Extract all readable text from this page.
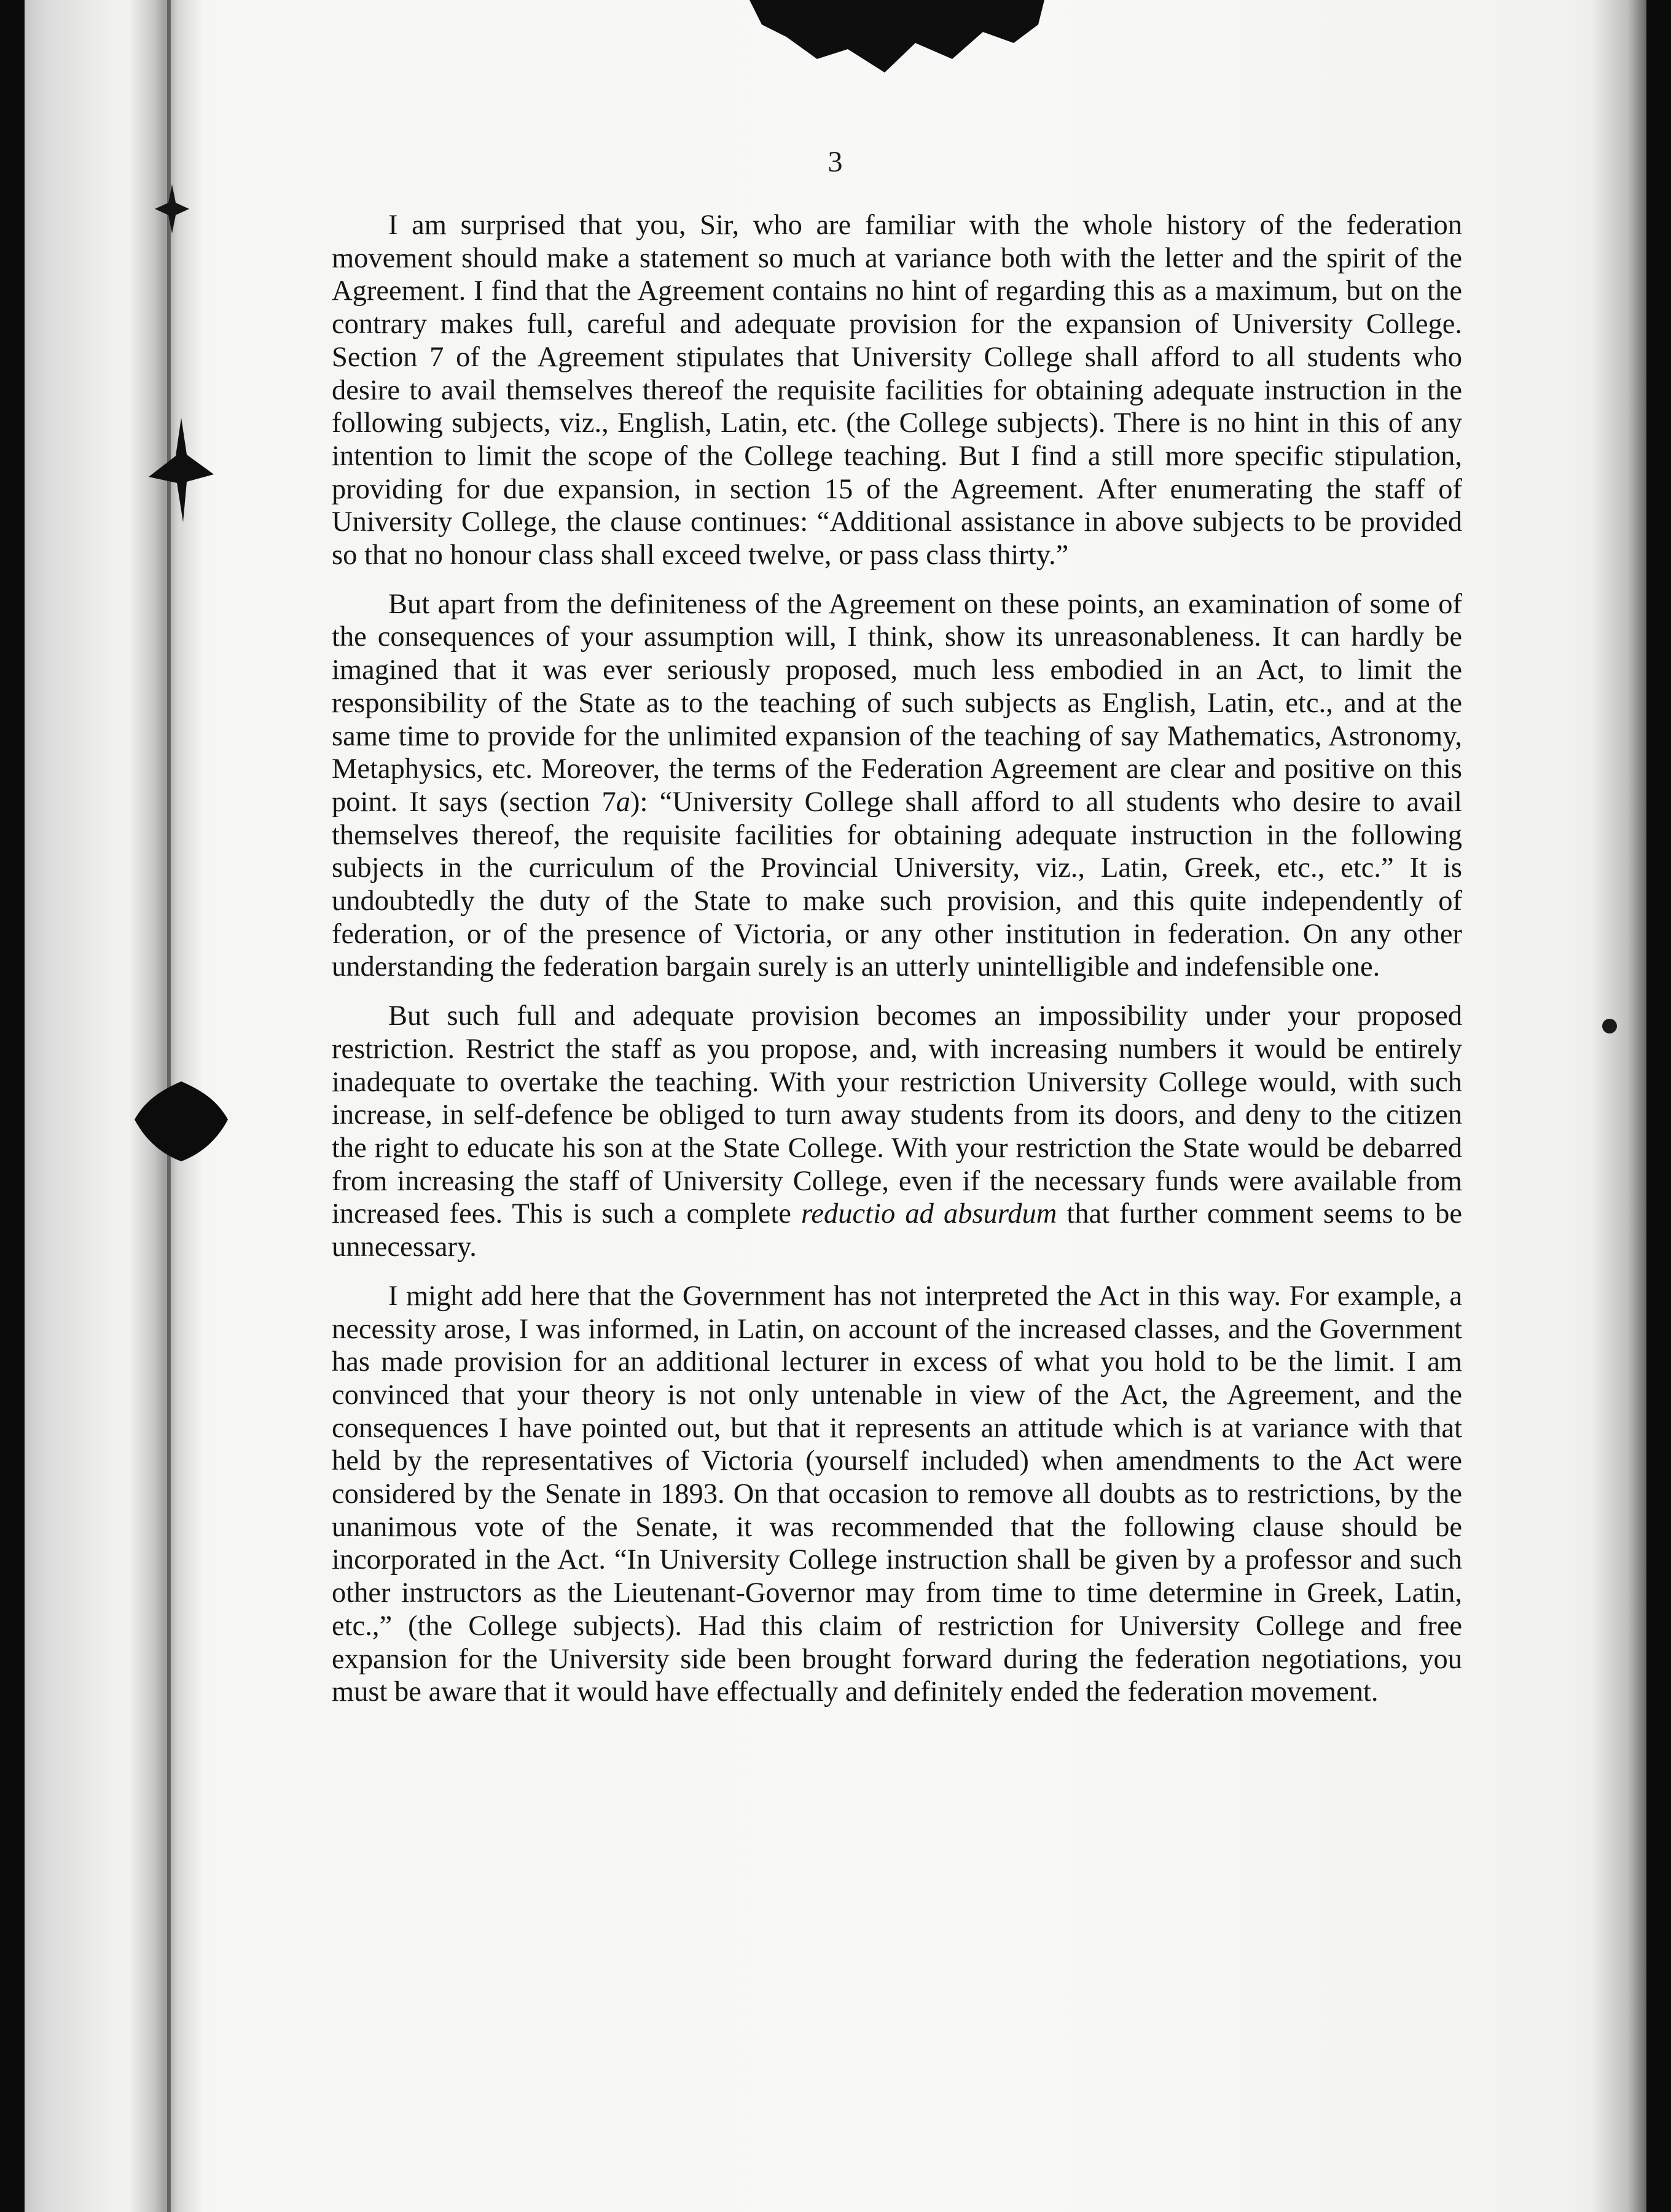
3

I am surprised that you, Sir, who are familiar with the whole history of the federation movement should make a statement so much at variance both with the letter and the spirit of the Agreement. I find that the Agreement contains no hint of regarding this as a maximum, but on the contrary makes full, careful and adequate provision for the expansion of University College. Section 7 of the Agreement stipulates that University College shall afford to all students who desire to avail themselves thereof the requisite facilities for obtaining adequate instruction in the following subjects, viz., English, Latin, etc. (the College subjects). There is no hint in this of any intention to limit the scope of the College teaching. But I find a still more specific stipulation, providing for due expansion, in section 15 of the Agreement. After enumerating the staff of University College, the clause continues: “Additional assistance in above subjects to be provided so that no honour class shall exceed twelve, or pass class thirty.”

But apart from the definiteness of the Agreement on these points, an examination of some of the consequences of your assumption will, I think, show its unreasonableness. It can hardly be imagined that it was ever seriously proposed, much less embodied in an Act, to limit the responsibility of the State as to the teaching of such subjects as English, Latin, etc., and at the same time to provide for the unlimited expansion of the teaching of say Mathematics, Astronomy, Metaphysics, etc. Moreover, the terms of the Federation Agreement are clear and positive on this point. It says (section 7a): “University College shall afford to all students who desire to avail themselves thereof, the requisite facilities for obtaining adequate instruction in the following subjects in the curriculum of the Provincial University, viz., Latin, Greek, etc., etc.” It is undoubtedly the duty of the State to make such provision, and this quite independently of federation, or of the presence of Victoria, or any other institution in federation. On any other understanding the federation bargain surely is an utterly unintelligible and indefensible one.

But such full and adequate provision becomes an impossibility under your proposed restriction. Restrict the staff as you propose, and, with increasing numbers it would be entirely inadequate to overtake the teaching. With your restriction University College would, with such increase, in self-defence be obliged to turn away students from its doors, and deny to the citizen the right to educate his son at the State College. With your restriction the State would be debarred from increasing the staff of University College, even if the necessary funds were available from increased fees. This is such a complete reductio ad absurdum that further comment seems to be unnecessary.

I might add here that the Government has not interpreted the Act in this way. For example, a necessity arose, I was informed, in Latin, on account of the increased classes, and the Government has made provision for an additional lecturer in excess of what you hold to be the limit. I am convinced that your theory is not only untenable in view of the Act, the Agreement, and the consequences I have pointed out, but that it represents an attitude which is at variance with that held by the representatives of Victoria (yourself included) when amendments to the Act were considered by the Senate in 1893. On that occasion to remove all doubts as to restrictions, by the unanimous vote of the Senate, it was recommended that the following clause should be incorporated in the Act. “In University College instruction shall be given by a professor and such other instructors as the Lieutenant-Governor may from time to time determine in Greek, Latin, etc.,” (the College subjects). Had this claim of restriction for University College and free expansion for the University side been brought forward during the federation negotiations, you must be aware that it would have effectually and definitely ended the federation movement.
